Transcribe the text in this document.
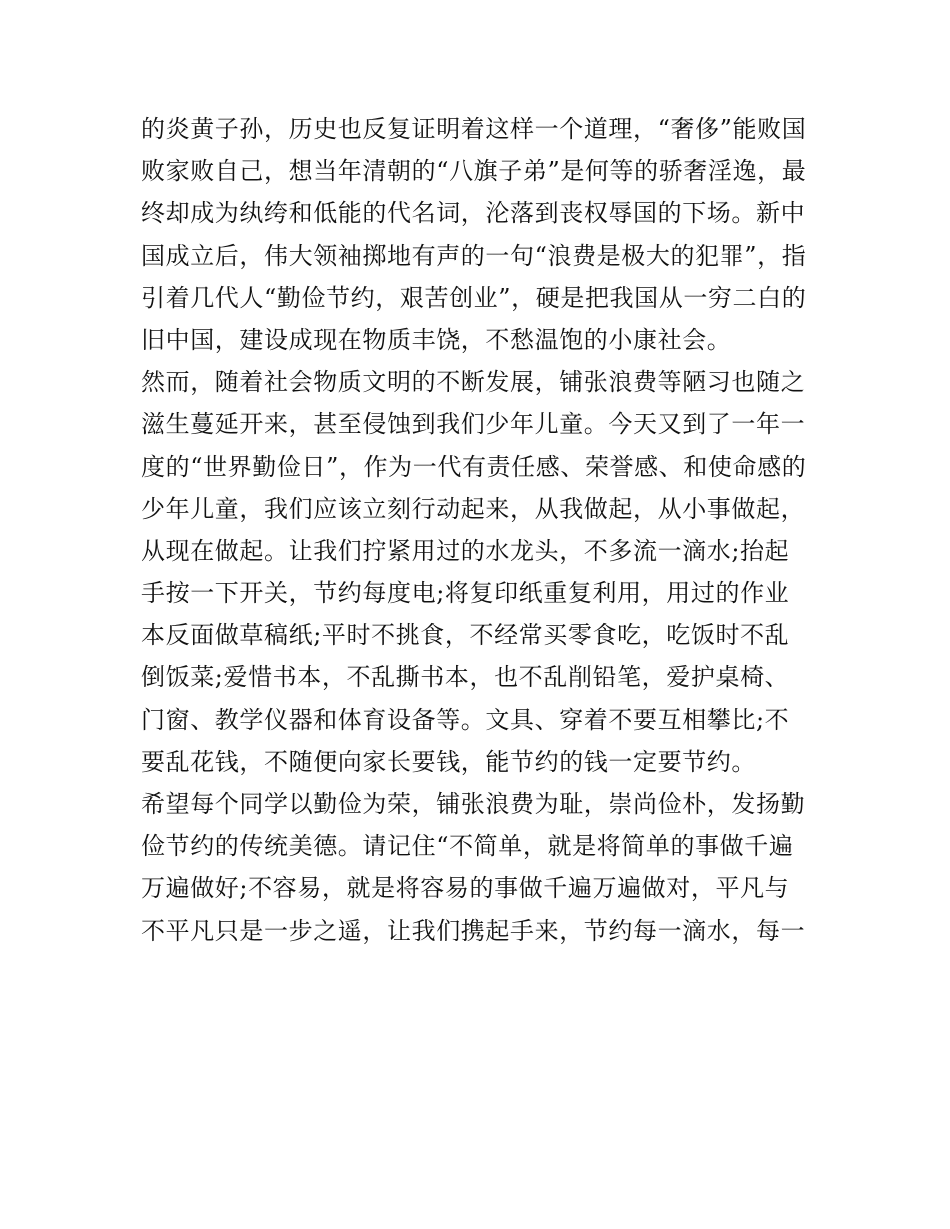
的炎黄子孙，历史也反复证明着这样一个道理，“奢侈”能败国
败家败自己，想当年清朝的“八旗子弟”是何等的骄奢淫逸，最
终却成为纨绔和低能的代名词，沦落到丧权辱国的下场。新中
国成立后，伟大领袖掷地有声的一句“浪费是极大的犯罪”，指
引着几代人“勤俭节约，艰苦创业”，硬是把我国从一穷二白的
旧中国，建设成现在物质丰饶，不愁温饱的小康社会。
然而，随着社会物质文明的不断发展，铺张浪费等陋习也随之
滋生蔓延开来，甚至侵蚀到我们少年儿童。今天又到了一年一
度的“世界勤俭日”，作为一代有责任感、荣誉感、和使命感的
少年儿童，我们应该立刻行动起来，从我做起，从小事做起，
从现在做起。让我们拧紧用过的水龙头，不多流一滴水;抬起
手按一下开关，节约每度电;将复印纸重复利用，用过的作业
本反面做草稿纸;平时不挑食，不经常买零食吃，吃饭时不乱
倒饭菜;爱惜书本，不乱撕书本，也不乱削铅笔，爱护桌椅、
门窗、教学仪器和体育设备等。文具、穿着不要互相攀比;不
要乱花钱，不随便向家长要钱，能节约的钱一定要节约。
希望每个同学以勤俭为荣，铺张浪费为耻，崇尚俭朴，发扬勤
俭节约的传统美德。请记住“不简单，就是将简单的事做千遍
万遍做好;不容易，就是将容易的事做千遍万遍做对，平凡与
不平凡只是一步之遥，让我们携起手来，节约每一滴水，每一
